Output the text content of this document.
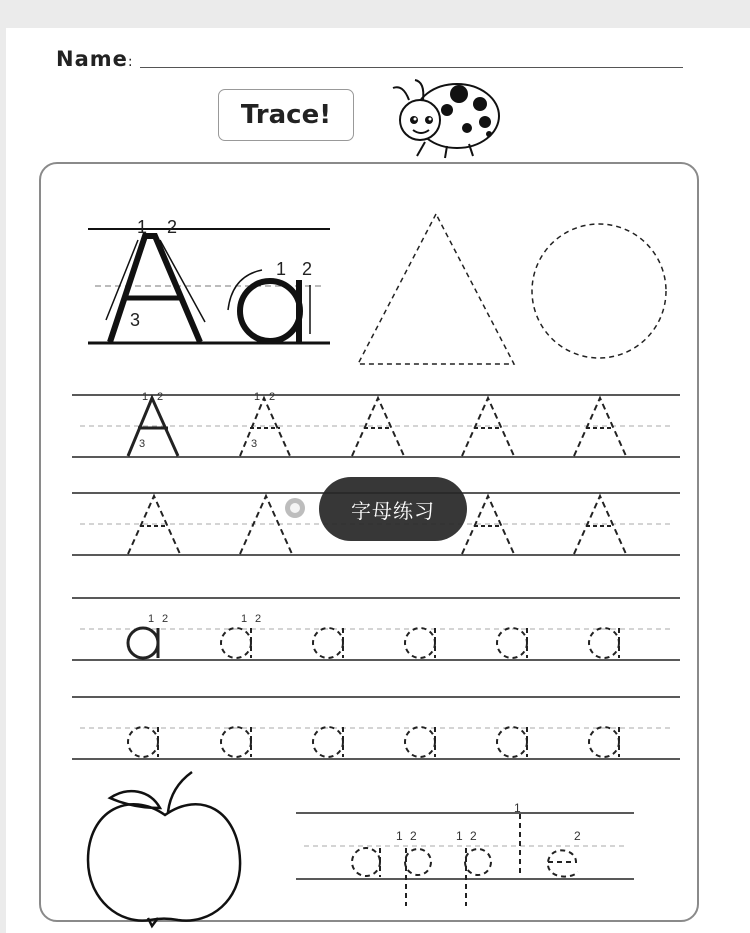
Name:
Trace!
1 2
3
1 2
1 2
3
1 2
3
1 2	1 2
1 2	1 2
1
2
字母练习
